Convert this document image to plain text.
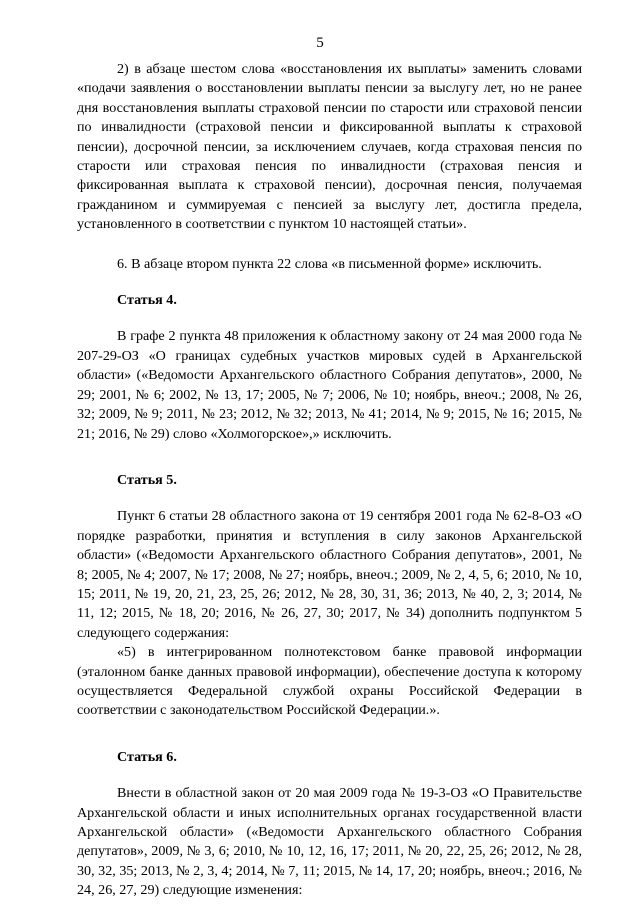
5

2) в абзаце шестом слова «восстановления их выплаты» заменить словами «подачи заявления о восстановлении выплаты пенсии за выслугу лет, но не ранее дня восстановления выплаты страховой пенсии по старости или страховой пенсии по инвалидности (страховой пенсии и фиксированной выплаты к страховой пенсии), досрочной пенсии, за исключением случаев, когда страховая пенсия по старости или страховая пенсия по инвалидности (страховая пенсия и фиксированная выплата к страховой пенсии), досрочная пенсия, получаемая гражданином и суммируемая с пенсией за выслугу лет, достигла предела, установленного в соответствии с пунктом 10 настоящей статьи».

6. В абзаце втором пункта 22 слова «в письменной форме» исключить.

Статья 4.

В графе 2 пункта 48 приложения к областному закону от 24 мая 2000 года № 207-29-ОЗ «О границах судебных участков мировых судей в Архангельской области» («Ведомости Архангельского областного Собрания депутатов», 2000, № 29; 2001, № 6; 2002, № 13, 17; 2005, № 7; 2006, № 10; ноябрь, внеоч.; 2008, № 26, 32; 2009, № 9; 2011, № 23; 2012, № 32; 2013, № 41; 2014, № 9; 2015, № 16; 2015, № 21; 2016, № 29) слово «Холмогорское»,» исключить.

Статья 5.

Пункт 6 статьи 28 областного закона от 19 сентября 2001 года № 62-8-ОЗ «О порядке разработки, принятия и вступления в силу законов Архангельской области» («Ведомости Архангельского областного Собрания депутатов», 2001, № 8; 2005, № 4; 2007, № 17; 2008, № 27; ноябрь, внеоч.; 2009, № 2, 4, 5, 6; 2010, № 10, 15; 2011, № 19, 20, 21, 23, 25, 26; 2012, № 28, 30, 31, 36; 2013, № 40, 2, 3; 2014, № 11, 12; 2015, № 18, 20; 2016, № 26, 27, 30; 2017, № 34) дополнить подпунктом 5 следующего содержания:

«5) в интегрированном полнотекстовом банке правовой информации (эталонном банке данных правовой информации), обеспечение доступа к которому осуществляется Федеральной службой охраны Российской Федерации в соответствии с законодательством Российской Федерации.».

Статья 6.

Внести в областной закон от 20 мая 2009 года № 19-3-ОЗ «О Правительстве Архангельской области и иных исполнительных органах государственной власти Архангельской области» («Ведомости Архангельского областного Собрания депутатов», 2009, № 3, 6; 2010, № 10, 12, 16, 17; 2011, № 20, 22, 25, 26; 2012, № 28, 30, 32, 35; 2013, № 2, 3, 4; 2014, № 7, 11; 2015, № 14, 17, 20; ноябрь, внеоч.; 2016, № 24, 26, 27, 29) следующие изменения:
